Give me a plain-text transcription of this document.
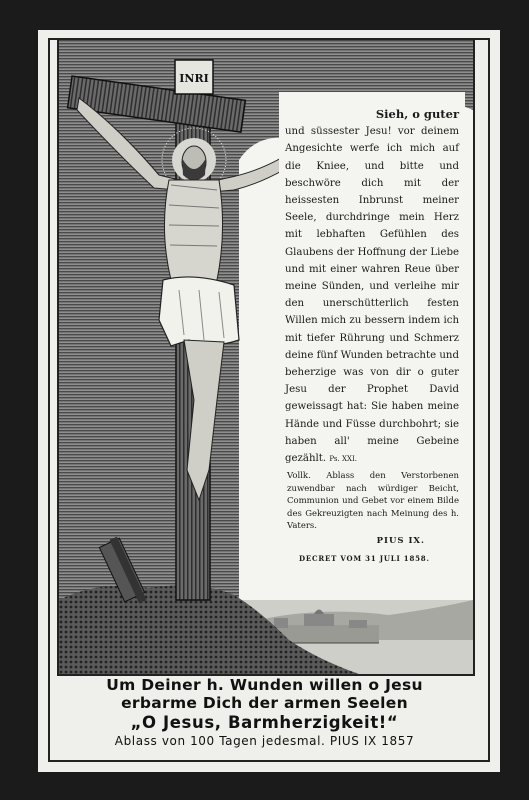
INRI
Sieh, o guter
und süssester Jesu! vor deinem Angesichte werfe ich mich auf die Kniee, und bitte und beschwöre dich mit der heissesten Inbrunst meiner Seele, durchdringe mein Herz mit lebhaften Gefühlen des Glaubens der Hoffnung der Liebe und mit einer wahren Reue über meine Sünden, und verleihe mir den unerschütterlich festen Willen mich zu bessern indem ich mit tiefer Rührung und Schmerz deine fünf Wunden betrachte und beherzige was von dir o guter Jesu der Prophet David geweissagt hat: Sie haben meine Hände und Füsse durchbohrt; sie haben all' meine Gebeine gezählt. Ps. XXI.
Vollk. Ablass den Verstorbenen zuwendbar nach würdiger Beicht, Communion und Gebet vor einem Bilde des Gekreuzigten nach Meinung des h. Vaters.
PIUS IX.
DECRET VOM 31 JULI 1858.
Um Deiner h. Wunden willen o Jesu
erbarme Dich der armen Seelen
„O Jesus, Barmherzigkeit!“
Ablass von 100 Tagen jedesmal. PIUS IX 1857
